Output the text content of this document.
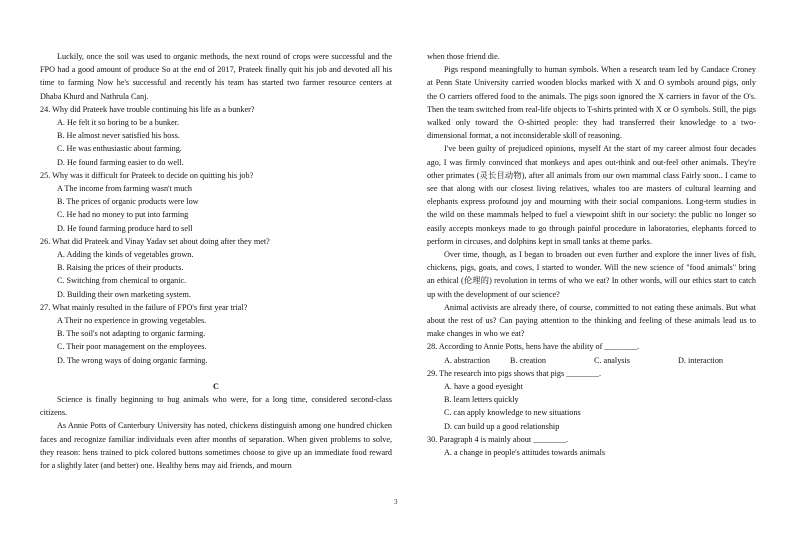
Luckily, once the soil was used to organic methods, the next round of crops were successful and the FPO had a good amount of produce So at the end of 2017, Prateek finally quit his job and devoted all his time to farming Now he's successful and recently his team has started two farmer resource centers at Dhaba Khurd and Nathrula Canj.

24. Why did Prateek have trouble continuing his life as a bunker?

A. He felt it so boring to be a bunker.

B. He almost never satisfied his boss.

C. He was enthusiastic about farming.

D. He found farming easier to do well.

25. Why was it difficult for Prateek to decide on quitting his job?

A The income from farming wasn't much

B. The prices of organic products were low

C. He had no money to put into farming

D. He found farming produce hard to sell

26. What did Prateek and Vinay Yadav set about doing after they met?

A. Adding the kinds of vegetables grown.

B. Raising the prices of their products.

C. Switching from chemical to organic.

D. Building their own marketing system.

27. What mainly resulted in the failure of FPO's first year trial?

A Their no experience in growing vegetables.

B. The soil's not adapting to organic farming.

C. Their poor management on the employees.

D. The wrong ways of doing organic farming.

C

Science is finally beginning to hug animals who were, for a long time, considered second-class citizens.

As Annie Potts of Canterbury University has noted, chickens distinguish among one hundred chicken faces and recognize familiar individuals even after months of separation. When given problems to solve, they reason: hens trained to pick colored buttons sometimes choose to give up an immediate food reward for a slightly later (and better) one. Healthy hens may aid friends, and mourn

when those friend die.

Pigs respond meaningfully to human symbols. When a research team led by Candace Croney at Penn State University carried wooden blocks marked with X and O symbols around pigs, only the O carriers offered food to the animals. The pigs soon ignored the X carriers in favor of the O's. Then the team switched from real-life objects to T-shirts printed with X or O symbols. Still, the pigs walked only toward the O-shirted people: they had transferred their knowledge to a two-dimensional format, a not inconsiderable skill of reasoning.

I've been guilty of prejudiced opinions, myself At the start of my career almost four decades ago, I was firmly convinced that monkeys and apes out-think and out-feel other animals. They're other primates (灵长目动物), after all animals from our own mammal class Fairly soon.. I came to see that along with our closest living relatives, whales too are masters of cultural learning and elephants express profound joy and mourning with their social companions. Long-term studies in the wild on these mammals helped to fuel a viewpoint shift in our society: the public no longer so easily accepts monkeys made to go through painful procedure in laboratories, elephants forced to perform in circuses, and dolphins kept in small tanks at theme parks.

Over time, though, as I began to broaden out even further and explore the inner lives of fish, chickens, pigs, goats, and cows, I started to wonder. Will the new science of "food animals" bring an ethical (伦理的) revolution in terms of who we eat? In other words, will our ethics start to catch up with the development of our science?

Animal activists are already there, of course, committed to not eating these animals. But what about the rest of us? Can paying attention to the thinking and feeling of these animals lead us to make changes in who we eat?

28. According to Annie Potts, hens have the ability of ________.

A. abstraction	B. creation	C. analysis	D. interaction

29. The research into pigs shows that pigs ________.

A. have a good eyesight

B. learn letters quickly

C. can apply knowledge to new situations

D. can build up a good relationship

30. Paragraph 4 is mainly about ________.

A. a change in people's attitudes towards animals

3
